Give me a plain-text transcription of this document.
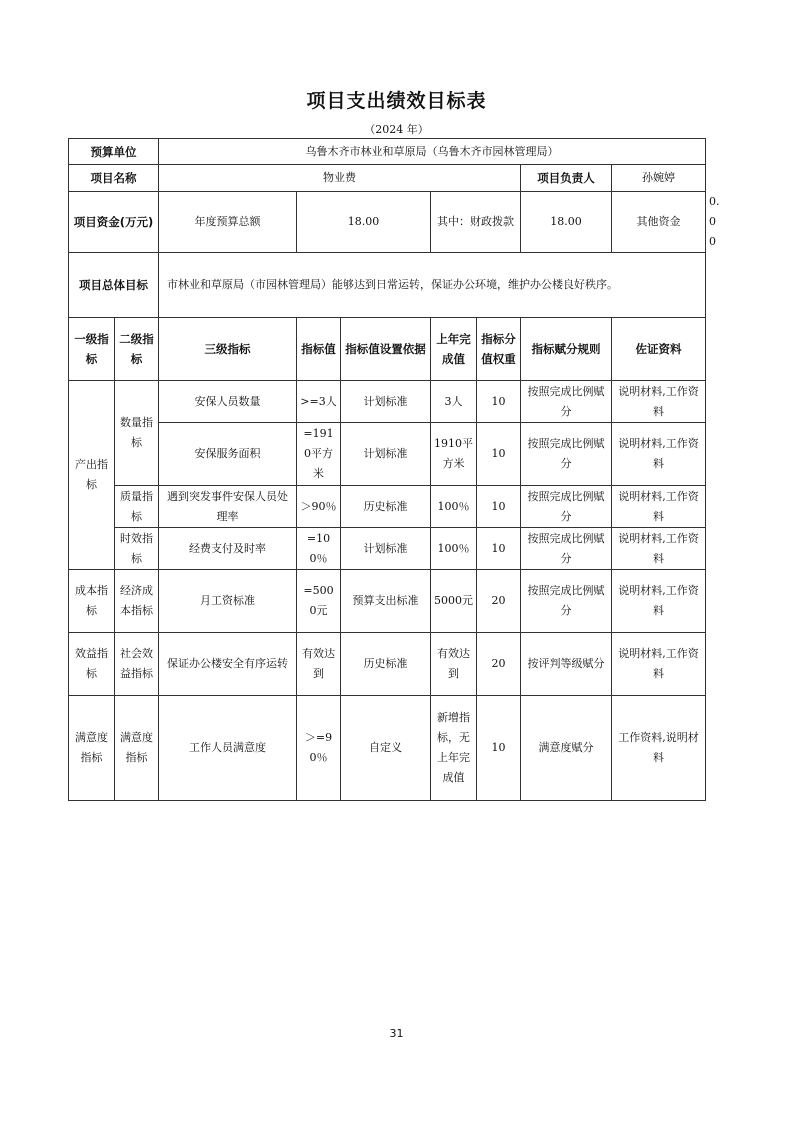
项目支出绩效目标表
（2024 年）
预算单位		乌鲁木齐市林业和草原局（乌鲁木齐市园林管理局）							
项目名称		物业费					项目负责人	孙婉婷	
项目资金(万元)		年度预算总额	18.00		其中：财政拨款		18.00	其他资金	0.00
项目总体目标		市林业和草原局（市园林管理局）能够达到日常运转，保证办公环境，维护办公楼良好秩序。							
一级指标	二级指标	三级指标	指标值	指标值设置依据	上年完成值	指标分值权重	指标赋分规则	佐证资料	
产出指标	数量指标	安保人员数量	>=3人	计划标准	3人	10	按照完成比例赋分	说明材料,工作资料	
		安保服务面积	=1910平方米	计划标准	1910平方米	10	按照完成比例赋分	说明材料,工作资料	
	质量指标	遇到突发事件安保人员处理率	＞90％	历史标准	100％	10	按照完成比例赋分	说明材料,工作资料	
	时效指标	经费支付及时率	=100％	计划标准	100％	10	按照完成比例赋分	说明材料,工作资料	
成本指标	经济成本指标	月工资标准	=5000元	预算支出标准	5000元	20	按照完成比例赋分	说明材料,工作资料	
效益指标	社会效益指标	保证办公楼安全有序运转	有效达到	历史标准	有效达到	20	按评判等级赋分	说明材料,工作资料	
满意度指标	满意度指标	工作人员满意度	＞=90％	自定义	新增指标，无上年完成值	10	满意度赋分	工作资料,说明材料	
31
